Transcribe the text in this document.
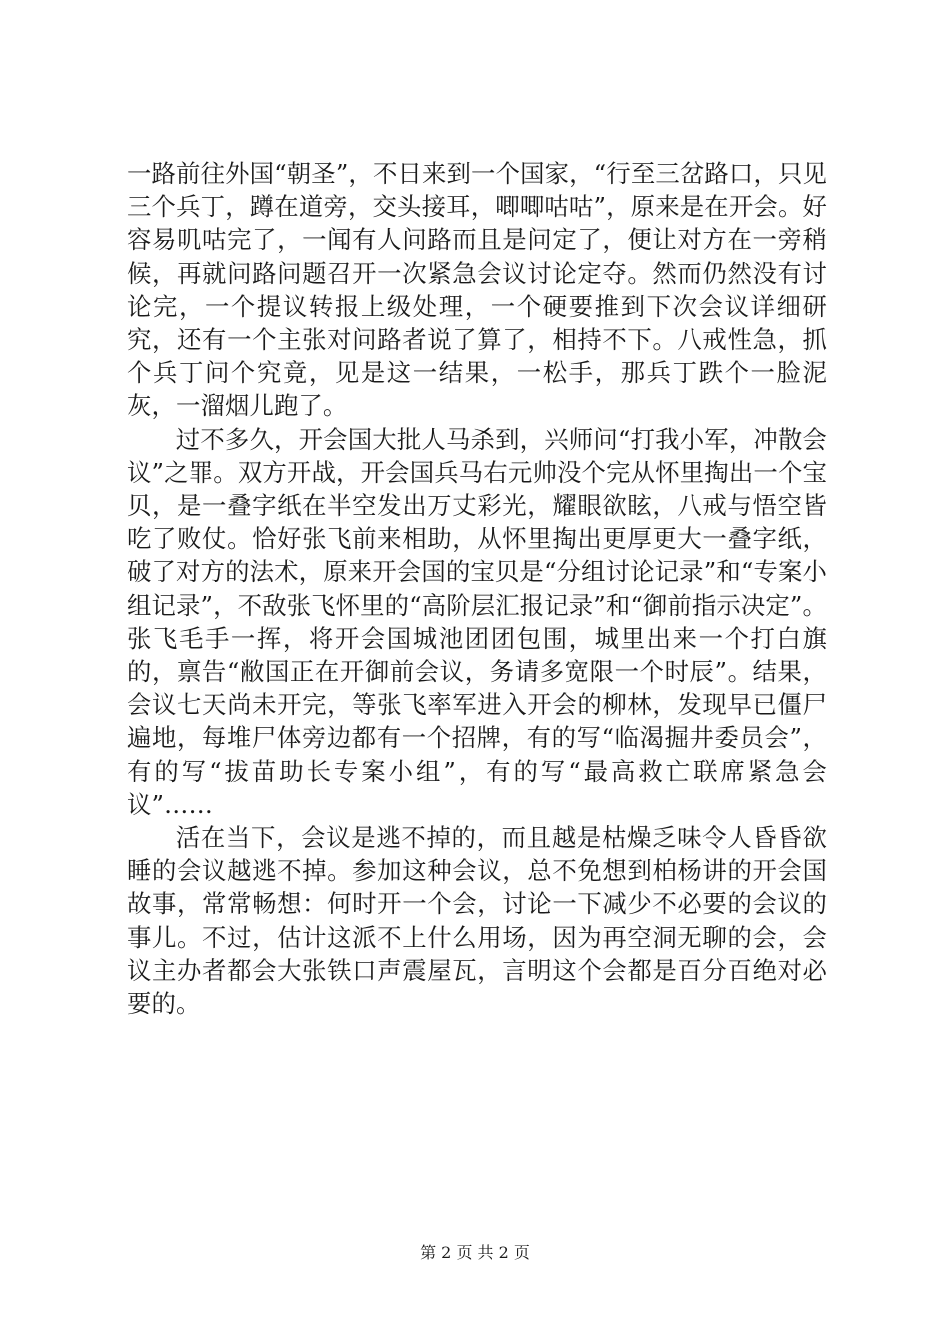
一路前往外国“朝圣”，不日来到一个国家，“行至三岔路口，只见三个兵丁，蹲在道旁，交头接耳，唧唧咕咕”，原来是在开会。好容易叽咕完了，一闻有人问路而且是问定了，便让对方在一旁稍候，再就问路问题召开一次紧急会议讨论定夺。然而仍然没有讨论完，一个提议转报上级处理，一个硬要推到下次会议详细研究，还有一个主张对问路者说了算了，相持不下。八戒性急，抓个兵丁问个究竟，见是这一结果，一松手，那兵丁跌个一脸泥灰，一溜烟儿跑了。

过不多久，开会国大批人马杀到，兴师问“打我小军，冲散会议”之罪。双方开战，开会国兵马右元帅没个完从怀里掏出一个宝贝，是一叠字纸在半空发出万丈彩光，耀眼欲眩，八戒与悟空皆吃了败仗。恰好张飞前来相助，从怀里掏出更厚更大一叠字纸，破了对方的法术，原来开会国的宝贝是“分组讨论记录”和“专案小组记录”，不敌张飞怀里的“高阶层汇报记录”和“御前指示决定”。张飞毛手一挥，将开会国城池团团包围，城里出来一个打白旗的，禀告“敝国正在开御前会议，务请多宽限一个时辰”。结果，会议七天尚未开完，等张飞率军进入开会的柳林，发现早已僵尸遍地，每堆尸体旁边都有一个招牌，有的写“临渴掘井委员会”，有的写“拔苗助长专案小组”，有的写“最高救亡联席紧急会议”……

活在当下，会议是逃不掉的，而且越是枯燥乏味令人昏昏欲睡的会议越逃不掉。参加这种会议，总不免想到柏杨讲的开会国故事，常常畅想：何时开一个会，讨论一下减少不必要的会议的事儿。不过，估计这派不上什么用场，因为再空洞无聊的会，会议主办者都会大张铁口声震屋瓦，言明这个会都是百分百绝对必要的。

第 2 页 共 2 页
